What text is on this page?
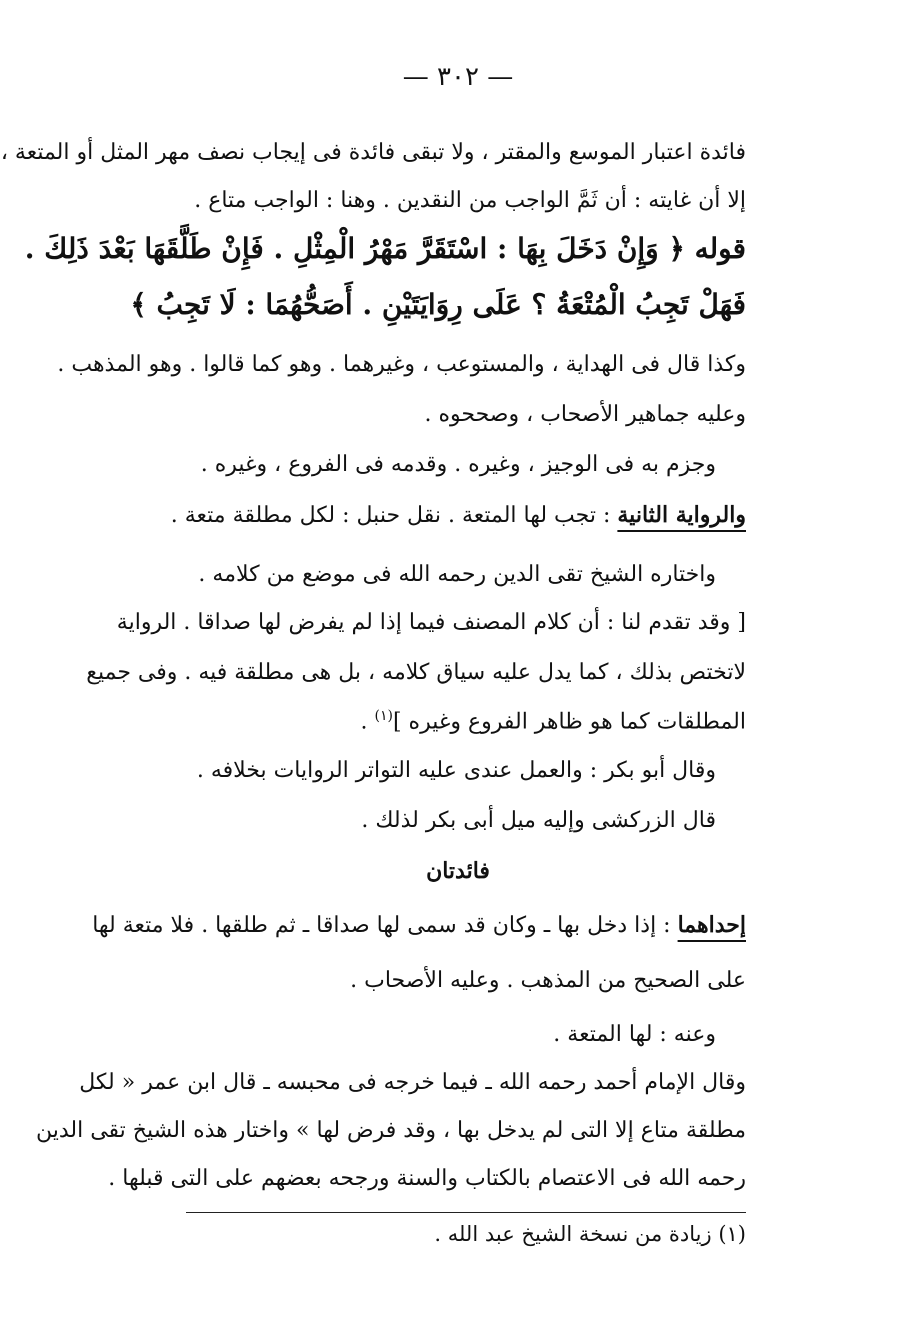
— ٣٠٢ —
فائدة اعتبار الموسع والمقتر ، ولا تبقى فائدة فى إيجاب نصف مهر المثل أو المتعة ،
إلا أن غايته : أن ثَمَّ الواجب من النقدين . وهنا : الواجب متاع .
قوله ﴿ وَإِنْ دَخَلَ بِهَا : اسْتَقَرَّ مَهْرُ الْمِثْلِ . فَإِنْ طَلَّقَهَا بَعْدَ ذَلِكَ .
فَهَلْ تَجِبُ الْمُتْعَةُ ؟ عَلَى رِوَايَتَيْنِ . أَصَحُّهُمَا : لَا تَجِبُ ﴾
وكذا قال فى الهداية ، والمستوعب ، وغيرهما . وهو كما قالوا . وهو المذهب .
وعليه جماهير الأصحاب ، وصححوه .
وجزم به فى الوجيز ، وغيره . وقدمه فى الفروع ، وغيره .
والرواية الثانية : تجب لها المتعة . نقل حنبل : لكل مطلقة متعة .
واختاره الشيخ تقى الدين رحمه الله فى موضع من كلامه .
[ وقد تقدم لنا : أن كلام المصنف فيما إذا لم يفرض لها صداقا . الرواية
لاتختص بذلك ، كما يدل عليه سياق كلامه ، بل هى مطلقة فيه . وفى جميع
المطلقات كما هو ظاهر الفروع وغيره ]$^{(١)}$ .
وقال أبو بكر : والعمل عندى عليه التواتر الروايات بخلافه .
قال الزركشى وإليه ميل أبى بكر لذلك .
فائدتان
إحداهما : إذا دخل بها ـ وكان قد سمى لها صداقا ـ ثم طلقها . فلا متعة لها
على الصحيح من المذهب . وعليه الأصحاب .
وعنه : لها المتعة .
وقال الإمام أحمد رحمه الله ـ فيما خرجه فى محبسه ـ قال ابن عمر « لكل
مطلقة متاع إلا التى لم يدخل بها ، وقد فرض لها » واختار هذه الشيخ تقى الدين
رحمه الله فى الاعتصام بالكتاب والسنة ورجحه بعضهم على التى قبلها .
(١) زيادة من نسخة الشيخ عبد الله .
